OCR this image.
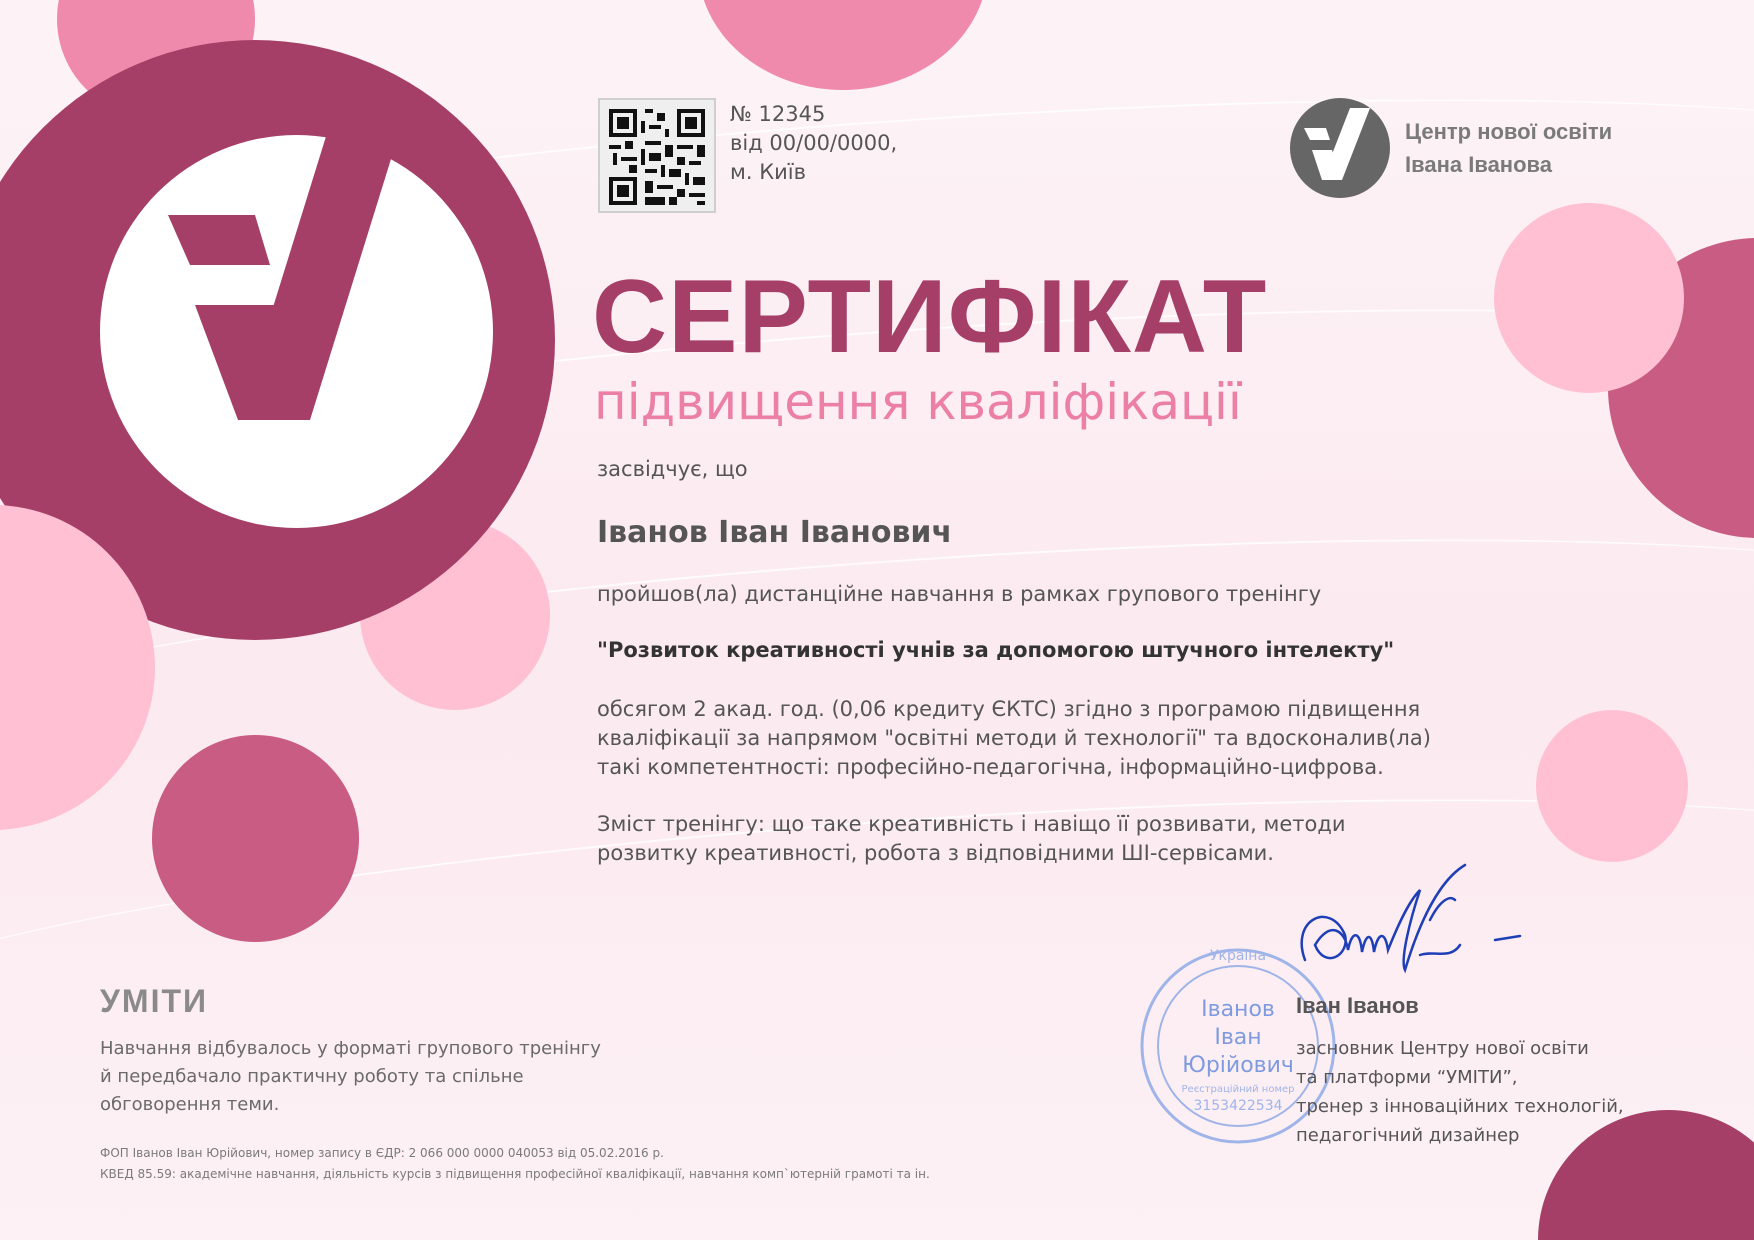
№ 12345
від 00/00/0000,
м. Київ
Центр нової освіти
Івана Іванова
СЕРТИФІКАТ
підвищення кваліфікації
засвідчує, що
Іванов Іван Іванович
пройшов(ла) дистанційне навчання в рамках групового тренінгу
"Розвиток креативності учнів за допомогою штучного інтелекту"
обсягом 2 акад. год. (0,06 кредиту ЄКТС) згідно з програмою підвищення
кваліфікації за напрямом "освітні методи й технології" та вдосконалив(ла)
такі компетентності: професійно-педагогічна, інформаційно-цифрова.
Зміст тренінгу: що таке креативність і навіщо її розвивати, методи
розвитку креативності, робота з відповідними ШІ-сервісами.
УМІТИ
Навчання відбувалось у форматі групового тренінгу
й передбачало практичну роботу та спільне
обговорення теми.
ФОП Іванов Іван Юрійович, номер запису в ЄДР: 2 066 000 0000 040053 від 05.02.2016 р.
КВЕД 85.59: академічне навчання, діяльність курсів з підвищення професійної кваліфікації, навчання комп`ютерній грамоті та ін.
Україна
Іванов
Іван
Юрійович
Реєстраційний номер
3153422534
Іван Іванов
засновник Центру нової освіти
та платформи “УМІТИ”,
тренер з інноваційних технологій,
педагогічний дизайнер
